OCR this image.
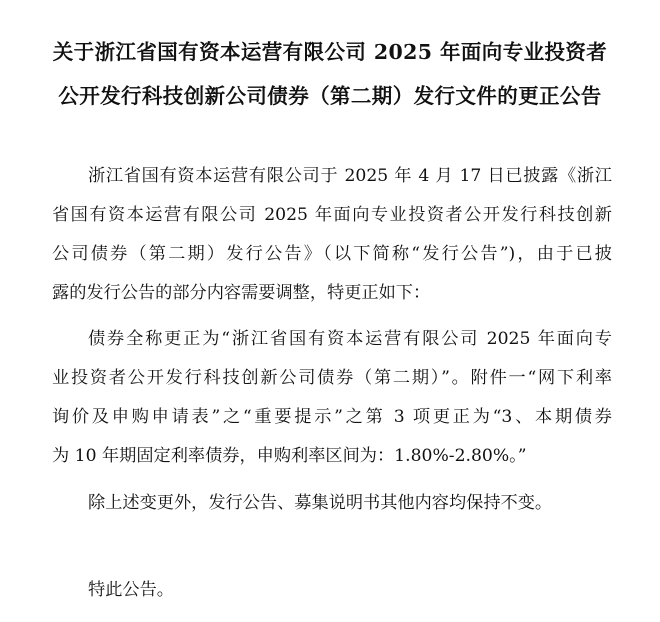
关于浙江省国有资本运营有限公司 2025 年面向专业投资者
公开发行科技创新公司债券（第二期）发行文件的更正公告
浙江省国有资本运营有限公司于 2025 年 4 月 17 日已披露《浙江
省国有资本运营有限公司 2025 年面向专业投资者公开发行科技创新
公司债券（第二期）发行公告》（以下简称“发行公告”)，由于已披
露的发行公告的部分内容需要调整，特更正如下：
债券全称更正为“浙江省国有资本运营有限公司 2025 年面向专
业投资者公开发行科技创新公司债券（第二期）”。附件一“网下利率
询价及申购申请表”之“重要提示”之第 3 项更正为“3、本期债券
为 10 年期固定利率债券，申购利率区间为：1.80%-2.80%。”
除上述变更外，发行公告、募集说明书其他内容均保持不变。
特此公告。
